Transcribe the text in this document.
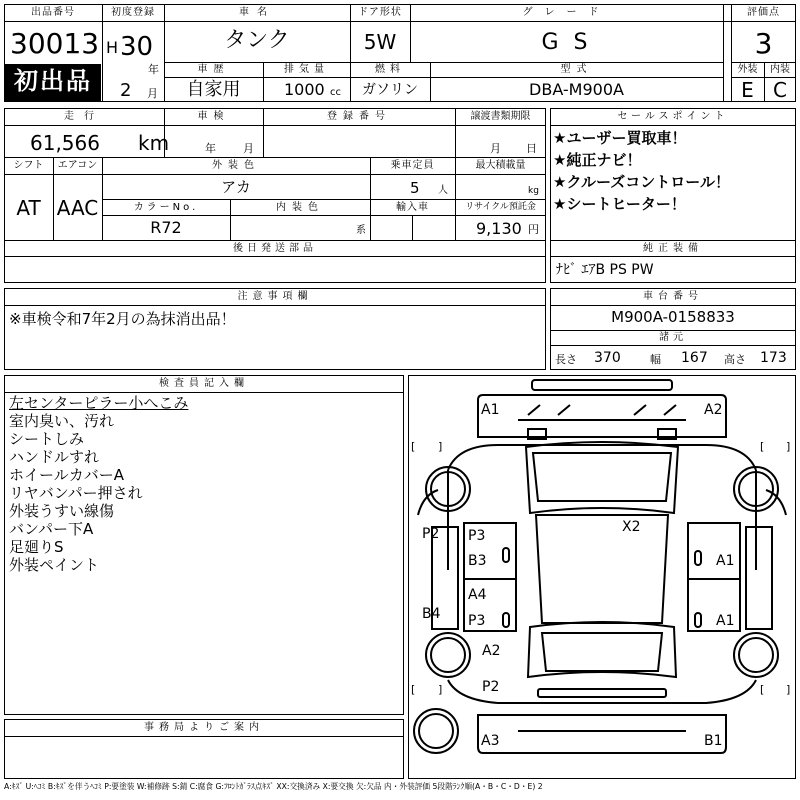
出品番号
30013
初出品
初度登録
H 30
年
2 月
車名
タンク
ドア形状
5W
グレード
G S
評価点
3
車歴
自家用
排気量
1000 cc
燃料
ガソリン
型式
DBA-M900A
外装	内装
E C
走行
61,566 km
車検
年 月
登録番号	譲渡書類期限
月 日
シフト
AT
エアコン
AAC
外装色
アカ
乗車定員
5 人
最大積載量
kg
カラーNo.
R72
内装色
系
輸入車	リサイクル預託金
9,130 円
後日発送部品
セールスポイント
★ユーザー買取車！
★純正ナビ！
★クルーズコントロール！
★シートヒーター！
純正装備
ﾅﾋﾞ ｴｱB PS PW
注意事項欄
※車検令和7年2月の為抹消出品！
車台番号
M900A-0158833
諸元
長さ 370	幅 167 高さ 173
検査員記入欄
左センターピラー小へこみ
室内臭い、汚れ
シートしみ
ハンドルすれ
ホイールカバーA
リヤバンパー押され
外装うすい線傷
バンパー下A
足廻りS
外装ペイント
事務局よりご案内
[ ]	[ ]
[ ]	[ ]
A1	A2
X2
P2 P3
B3	A1
A4
P3
B4	A1
A2
P2
A3	B1
A:ｷｽﾞ U:ﾍｺﾐ B:ｷｽﾞを伴うﾍｺﾐ P:要塗装 W:補修跡 S:錆 C:腐食 G:ﾌﾛﾝﾄｶﾞﾗｽ点ｷｽﾞ XX:交換済み X:要交換 欠:欠品 内・外装評価 5段階ﾗﾝｸ順(A・B・C・D・E) 2
